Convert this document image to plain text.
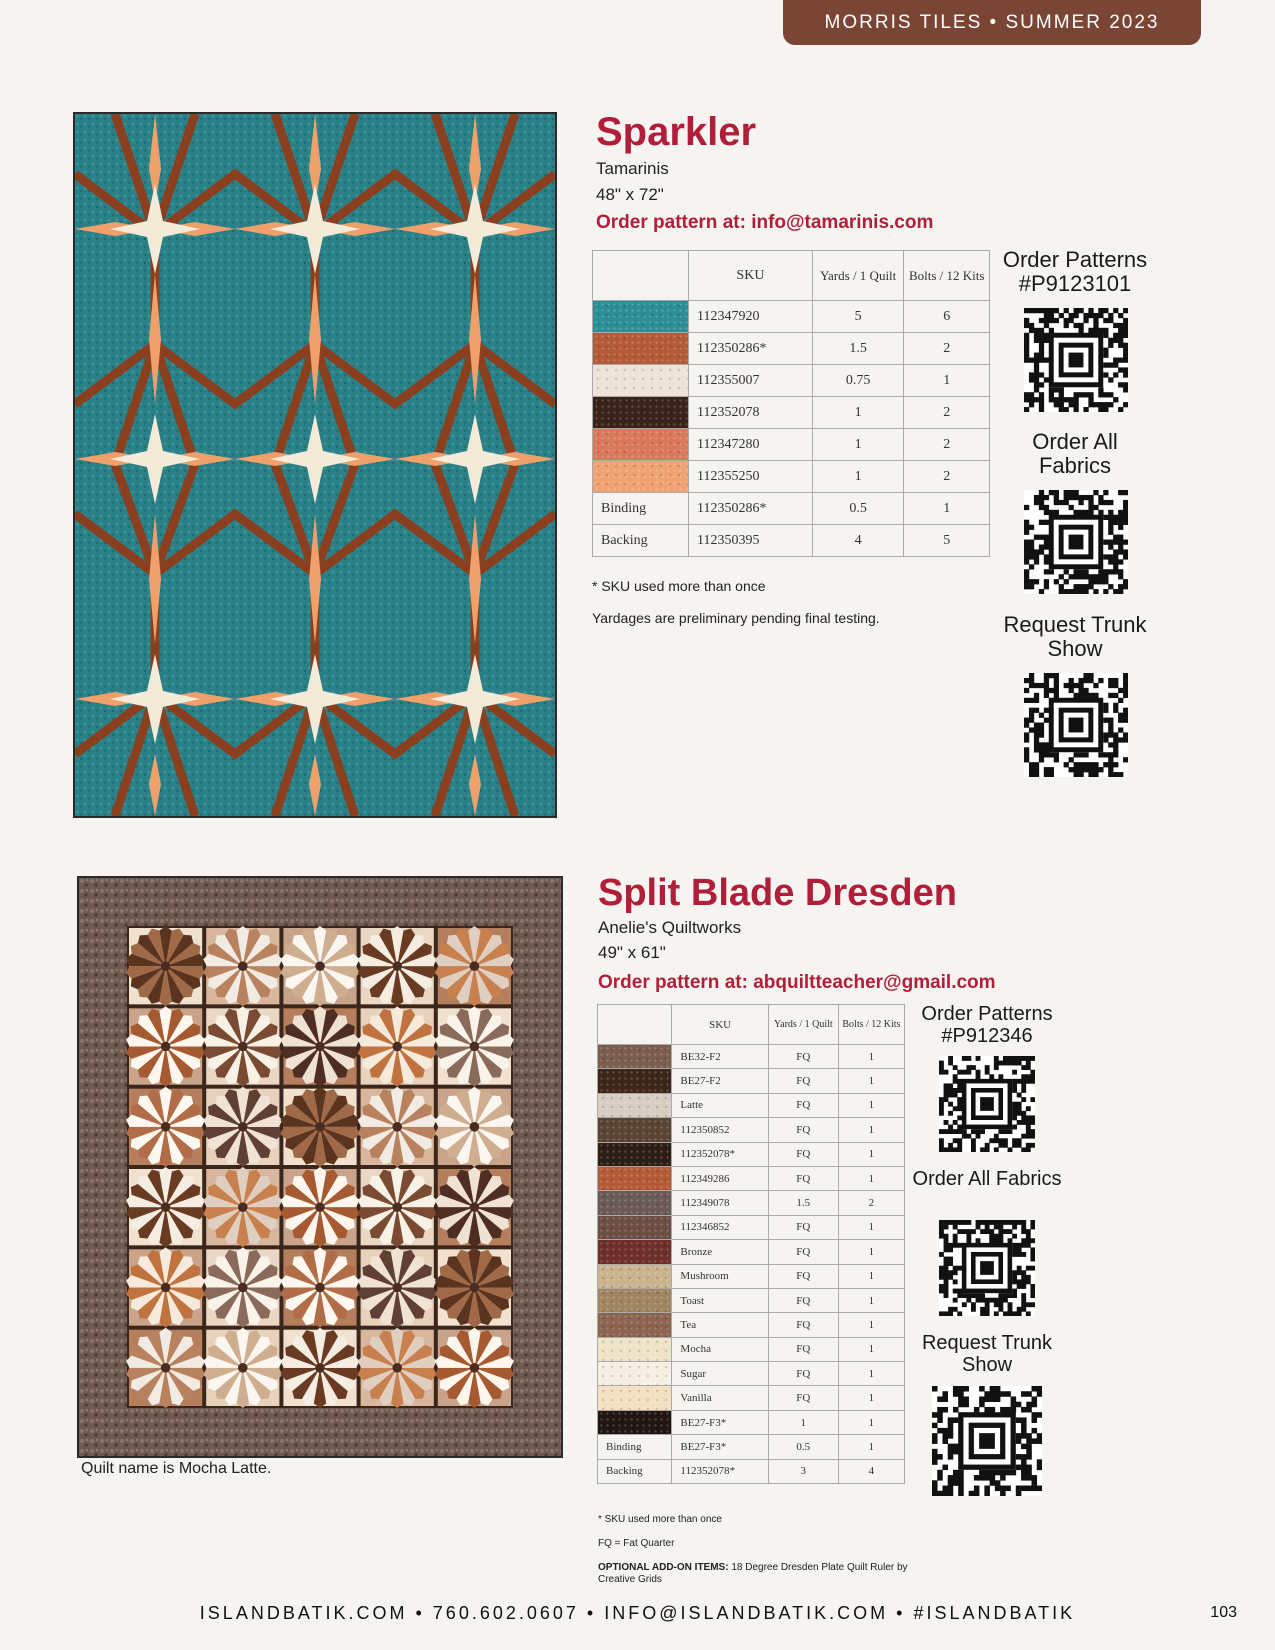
MORRIS TILES • SUMMER 2023
Sparkler
Tamarinis
48" x 72"
Order pattern at: info@tamarinis.com
	SKU	Yards / 1 Quilt	Bolts / 12 Kits
	112347920	5	6
	112350286*	1.5	2
	112355007	0.75	1
	112352078	1	2
	112347280	1	2
	112355250	1	2
Binding	112350286*	0.5	1
Backing	112350395	4	5
* SKU used more than once
Yardages are preliminary pending final testing.
Order Patterns #P9123101
Order All Fabrics
Request Trunk Show
Quilt name is Mocha Latte.
Split Blade Dresden
Anelie's Quiltworks
49" x 61"
Order pattern at: abquiltteacher@gmail.com
	SKU	Yards / 1 Quilt	Bolts / 12 Kits
	BE32-F2	FQ	1
	BE27-F2	FQ	1
	Latte	FQ	1
	112350852	FQ	1
	112352078*	FQ	1
	112349286	FQ	1
	112349078	1.5	2
	112346852	FQ	1
	Bronze	FQ	1
	Mushroom	FQ	1
	Toast	FQ	1
	Tea	FQ	1
	Mocha	FQ	1
	Sugar	FQ	1
	Vanilla	FQ	1
	BE27-F3*	1	1
Binding	BE27-F3*	0.5	1
Backing	112352078*	3	4
* SKU used more than once
FQ = Fat Quarter
OPTIONAL ADD-ON ITEMS: 18 Degree Dresden Plate Quilt Ruler by Creative Grids
Order Patterns #P912346
Order All Fabrics
Request Trunk Show
ISLANDBATIK.COM • 760.602.0607 • INFO@ISLANDBATIK.COM • #ISLANDBATIK	103
